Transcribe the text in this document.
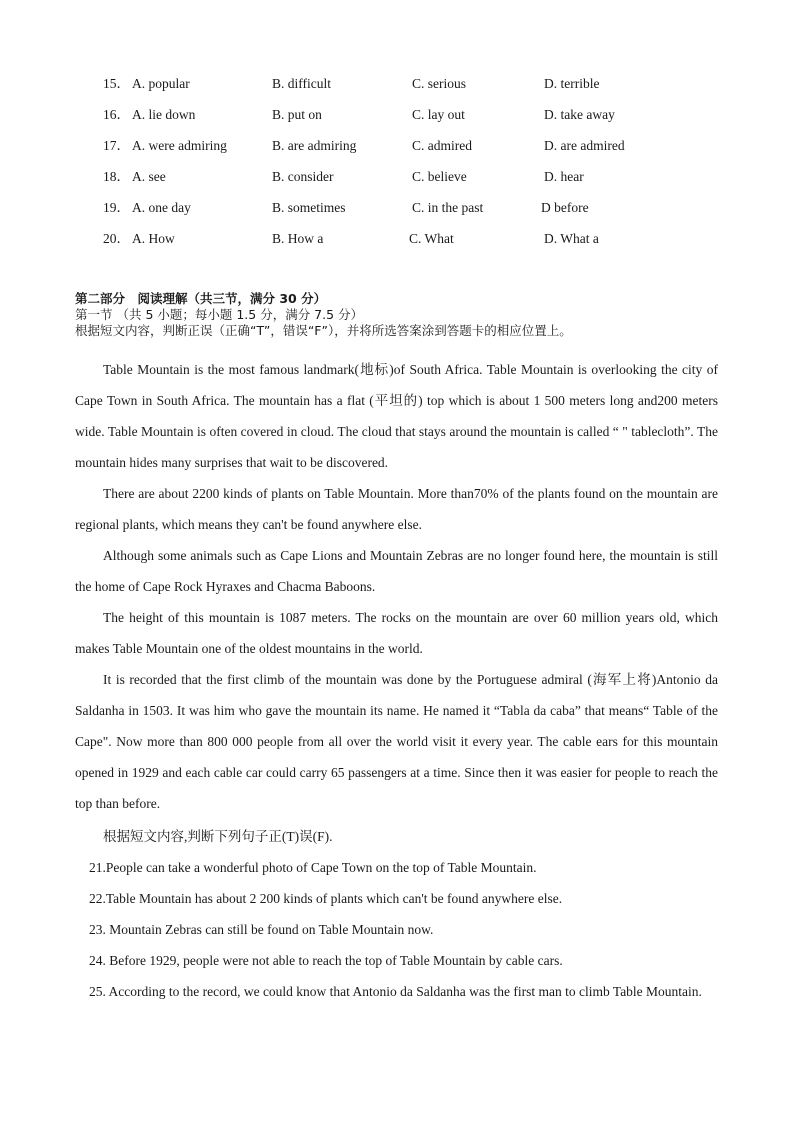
15． A. popular	B. difficult	C. serious	D. terrible
16． A. lie down	B. put on	C. lay out	D. take away
17． A. were admiring	B. are admiring	C. admired	D. are admired
18． A. see	B. consider	C. believe	D. hear
19． A. one day	B. sometimes	C. in the past	D before
20． A. How	B. How a	C. What	D. What a
第二部分　阅读理解（共三节，满分 30 分）
第一节 （共 5 小题；每小题 1.5 分，满分 7.5 分）
根据短文内容，判断正误（正确“T”，错误“F”），并将所选答案涂到答题卡的相应位置上。

Table Mountain is the most famous landmark(地标)of South Africa. Table Mountain is overlooking the city of Cape Town in South Africa. The mountain has a flat (平坦的) top which is about 1 500 meters long and200 meters wide. Table Mountain is often covered in cloud. The cloud that stays around the mountain is called “ " tablecloth”. The mountain hides many surprises that wait to be discovered.

There are about 2200 kinds of plants on Table Mountain. More than70% of the plants found on the mountain are regional plants, which means they can't be found anywhere else.

Although some animals such as Cape Lions and Mountain Zebras are no longer found here, the mountain is still the home of Cape Rock Hyraxes and Chacma Baboons.

The height of this mountain is 1087 meters. The rocks on the mountain are over 60 million years old, which makes Table Mountain one of the oldest mountains in the world.

It is recorded that the first climb of the mountain was done by the Portuguese admiral (海军上将)Antonio da Saldanha in 1503. It was him who gave the mountain its name. He named it “Tabla da caba” that means“ Table of the Cape". Now more than 800 000 people from all over the world visit it every year. The cable ears for this mountain opened in 1929 and each cable car could carry 65 passengers at a time. Since then it was easier for people to reach the top than before.

根据短文内容,判断下列句子正(T)误(F).
21.People can take a wonderful photo of Cape Town on the top of Table Mountain.
22.Table Mountain has about 2 200 kinds of plants which can't be found anywhere else.
23. Mountain Zebras can still be found on Table Mountain now.
24. Before 1929, people were not able to reach the top of Table Mountain by cable cars.
25. According to the record, we could know that Antonio da Saldanha was the first man to climb Table Mountain.
